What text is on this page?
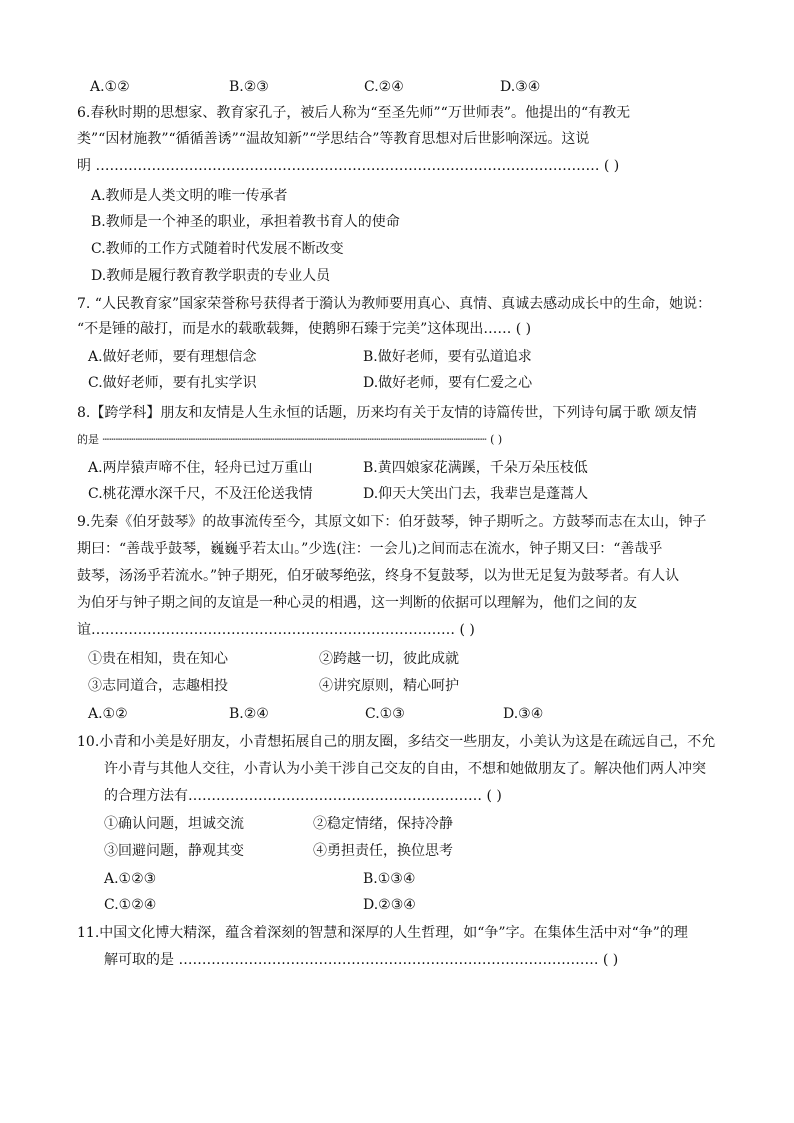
A.①②	B.②③	C.②④	D.③④
6.春秋时期的思想家、教育家孔子，被后人称为“至圣先师”“万世师表”。他提出的“有教无
类”“因材施教”“循循善诱”“温故知新”“学思结合”等教育思想对后世影响深远。这说
明 ……………………………………………………………………………………………… ( )
A.教师是人类文明的唯一传承者
B.教师是一个神圣的职业，承担着教书育人的使命
C.教师的工作方式随着时代发展不断改变
D.教师是履行教育教学职责的专业人员
7. “人民教育家”国家荣誉称号获得者于漪认为教师要用真心、真情、真诚去感动成长中的生命，她说：
“不是锤的敲打，而是水的载歌载舞，使鹅卵石臻于完美”这体现出…… ( )
A.做好老师，要有理想信念	B.做好老师，要有弘道追求
C.做好老师，要有扎实学识	D.做好老师，要有仁爱之心
8.【跨学科】朋友和友情是人生永恒的话题，历来均有关于友情的诗篇传世，下列诗句属于歌 颂友情
的是 ┄┄┄┄┄┄┄┄┄┄┄┄┄┄┄┄┄┄┄┄┄┄┄┄┄┄┄┄┄┄┄┄┄┄┄┄┄┄┄┄┄┄┄┄┄┄┄┄┄┄┄┄┄┄┄┄┄┄ ( )
A.两岸猿声啼不住，轻舟已过万重山	B.黄四娘家花满蹊，千朵万朵压枝低
C.桃花潭水深千尺，不及汪伦送我情	D.仰天大笑出门去，我辈岂是蓬蒿人
9.先秦《伯牙鼓琴》的故事流传至今，其原文如下：伯牙鼓琴，钟子期听之。方鼓琴而志在太山，钟子
期曰：“善哉乎鼓琴，巍巍乎若太山。”少选(注：一会儿)之间而志在流水，钟子期又曰：“善哉乎
鼓琴，汤汤乎若流水。”钟子期死，伯牙破琴绝弦，终身不复鼓琴，以为世无足复为鼓琴者。有人认
为伯牙与钟子期之间的友谊是一种心灵的相遇，这一判断的依据可以理解为，他们之间的友
谊…………………………………………………………………… ( )
①贵在相知，贵在知心	②跨越一切，彼此成就
③志同道合，志趣相投	④讲究原则，精心呵护
A.①②	B.②④	C.①③	D.③④
10.小青和小美是好朋友，小青想拓展自己的朋友圈，多结交一些朋友，小美认为这是在疏远自己，不允
许小青与其他人交往，小青认为小美干涉自己交友的自由，不想和她做朋友了。解决他们两人冲突
的合理方法有……………………………………………………… ( )
①确认问题，坦诚交流	②稳定情绪，保持冷静
③回避问题，静观其变	④勇担责任，换位思考
A.①②③	B.①③④
C.①②④	D.②③④
11.中国文化博大精深，蕴含着深刻的智慧和深厚的人生哲理，如“争”字。在集体生活中对“争”的理
解可取的是 ……………………………………………………………………………… ( )
